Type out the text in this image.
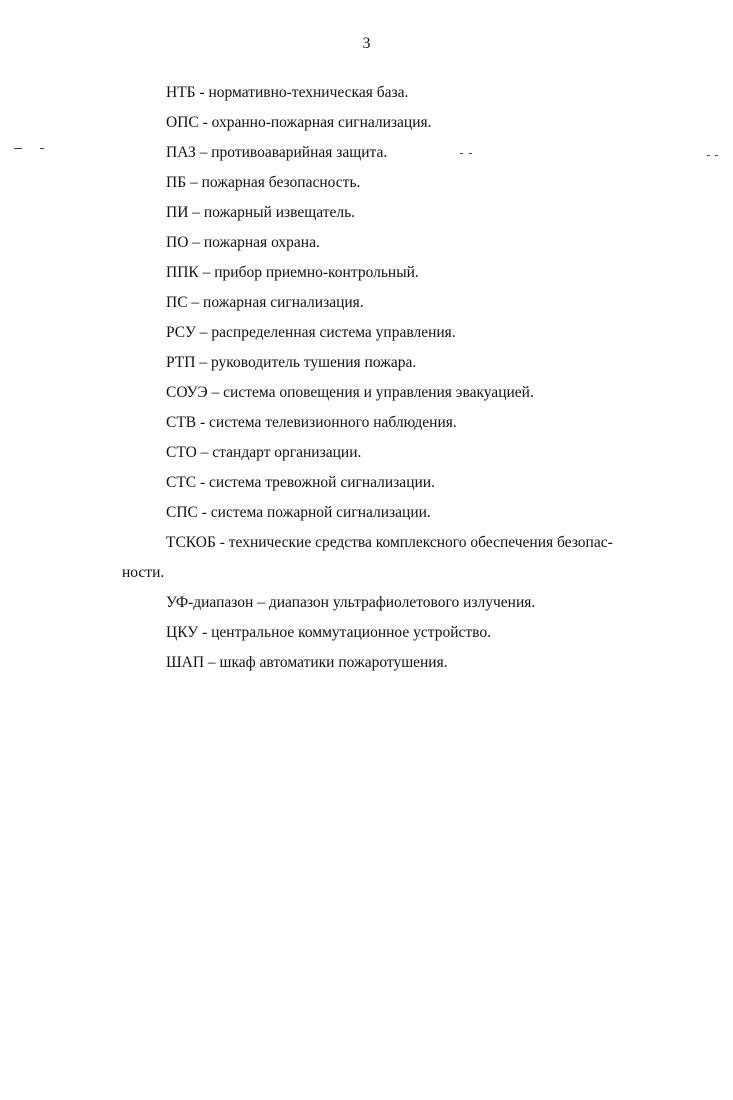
3
НТБ - нормативно-техническая база.
ОПС - охранно-пожарная сигнализация.
ПАЗ – противоаварийная защита.
ПБ – пожарная безопасность.
ПИ – пожарный извещатель.
ПО – пожарная охрана.
ППК – прибор приемно-контрольный.
ПС – пожарная сигнализация.
РСУ – распределенная система управления.
РТП – руководитель тушения пожара.
СОУЭ – система оповещения и управления эвакуацией.
СТВ - система телевизионного наблюдения.
СТО – стандарт организации.
СТС - система тревожной сигнализации.
СПС - система пожарной сигнализации.
ТСКОБ - технические средства комплексного обеспечения безопас-
ности.
УФ-диапазон – диапазон ультрафиолетового излучения.
ЦКУ - центральное коммутационное устройство.
ШАП – шкаф автоматики пожаротушения.
